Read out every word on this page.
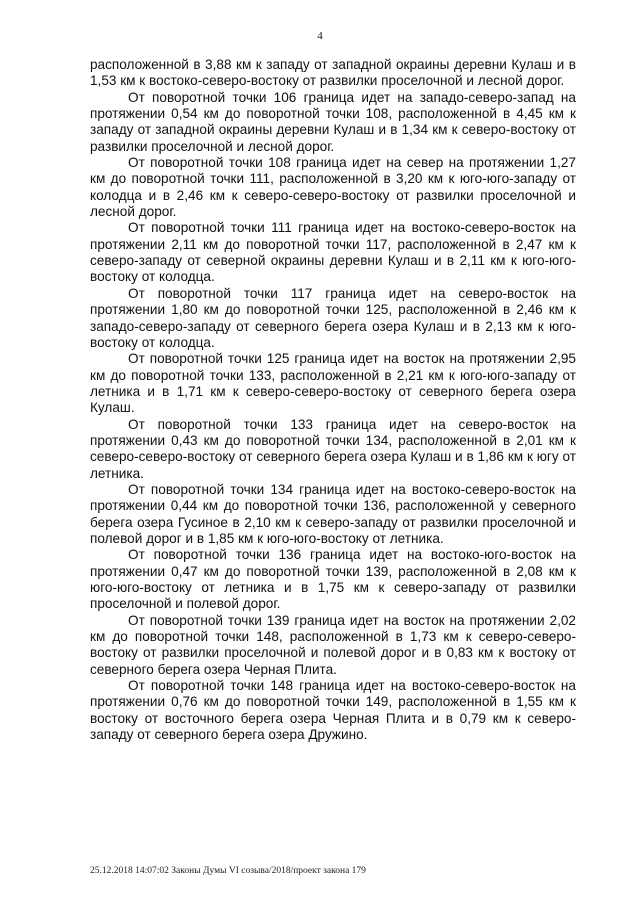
4

расположенной в 3,88 км к западу от западной окраины деревни Кулаш и в 1,53 км к востоко-северо-востоку от развилки проселочной и лесной дорог.

От поворотной точки 106 граница идет на западо-северо-запад на протяжении 0,54 км до поворотной точки 108, расположенной в 4,45 км к западу от западной окраины деревни Кулаш и в 1,34 км к северо-востоку от развилки проселочной и лесной дорог.

От поворотной точки 108 граница идет на север на протяжении 1,27 км до поворотной точки 111, расположенной в 3,20 км к юго-юго-западу от колодца и в 2,46 км к северо-северо-востоку от развилки проселочной и лесной дорог.

От поворотной точки 111 граница идет на востоко-северо-восток на протяжении 2,11 км до поворотной точки 117, расположенной в 2,47 км к северо-западу от северной окраины деревни Кулаш и в 2,11 км к юго-юго-востоку от колодца.

От поворотной точки 117 граница идет на северо-восток на протяжении 1,80 км до поворотной точки 125, расположенной в 2,46 км к западо-северо-западу от северного берега озера Кулаш и в 2,13 км к юго-востоку от колодца.

От поворотной точки 125 граница идет на восток на протяжении 2,95 км до поворотной точки 133, расположенной в 2,21 км к юго-юго-западу от летника и в 1,71 км к северо-северо-востоку от северного берега озера Кулаш.

От поворотной точки 133 граница идет на северо-восток на протяжении 0,43 км до поворотной точки 134, расположенной в 2,01 км к северо-северо-востоку от северного берега озера Кулаш и в 1,86 км к югу от летника.

От поворотной точки 134 граница идет на востоко-северо-восток на протяжении 0,44 км до поворотной точки 136, расположенной у северного берега озера Гусиное в 2,10 км к северо-западу от развилки проселочной и полевой дорог и в 1,85 км к юго-юго-востоку от летника.

От поворотной точки 136 граница идет на востоко-юго-восток на протяжении 0,47 км до поворотной точки 139, расположенной в 2,08 км к юго-юго-востоку от летника и в 1,75 км к северо-западу от развилки проселочной и полевой дорог.

От поворотной точки 139 граница идет на восток на протяжении 2,02 км до поворотной точки 148, расположенной в 1,73 км к северо-северо-востоку от развилки проселочной и полевой дорог и в 0,83 км к востоку от северного берега озера Черная Плита.

От поворотной точки 148 граница идет на востоко-северо-восток на протяжении 0,76 км до поворотной точки 149, расположенной в 1,55 км к востоку от восточного берега озера Черная Плита и в 0,79 км к северо-западу от северного берега озера Дружино.

25.12.2018 14:07:02 Законы Думы VI созыва/2018/проект закона 179
